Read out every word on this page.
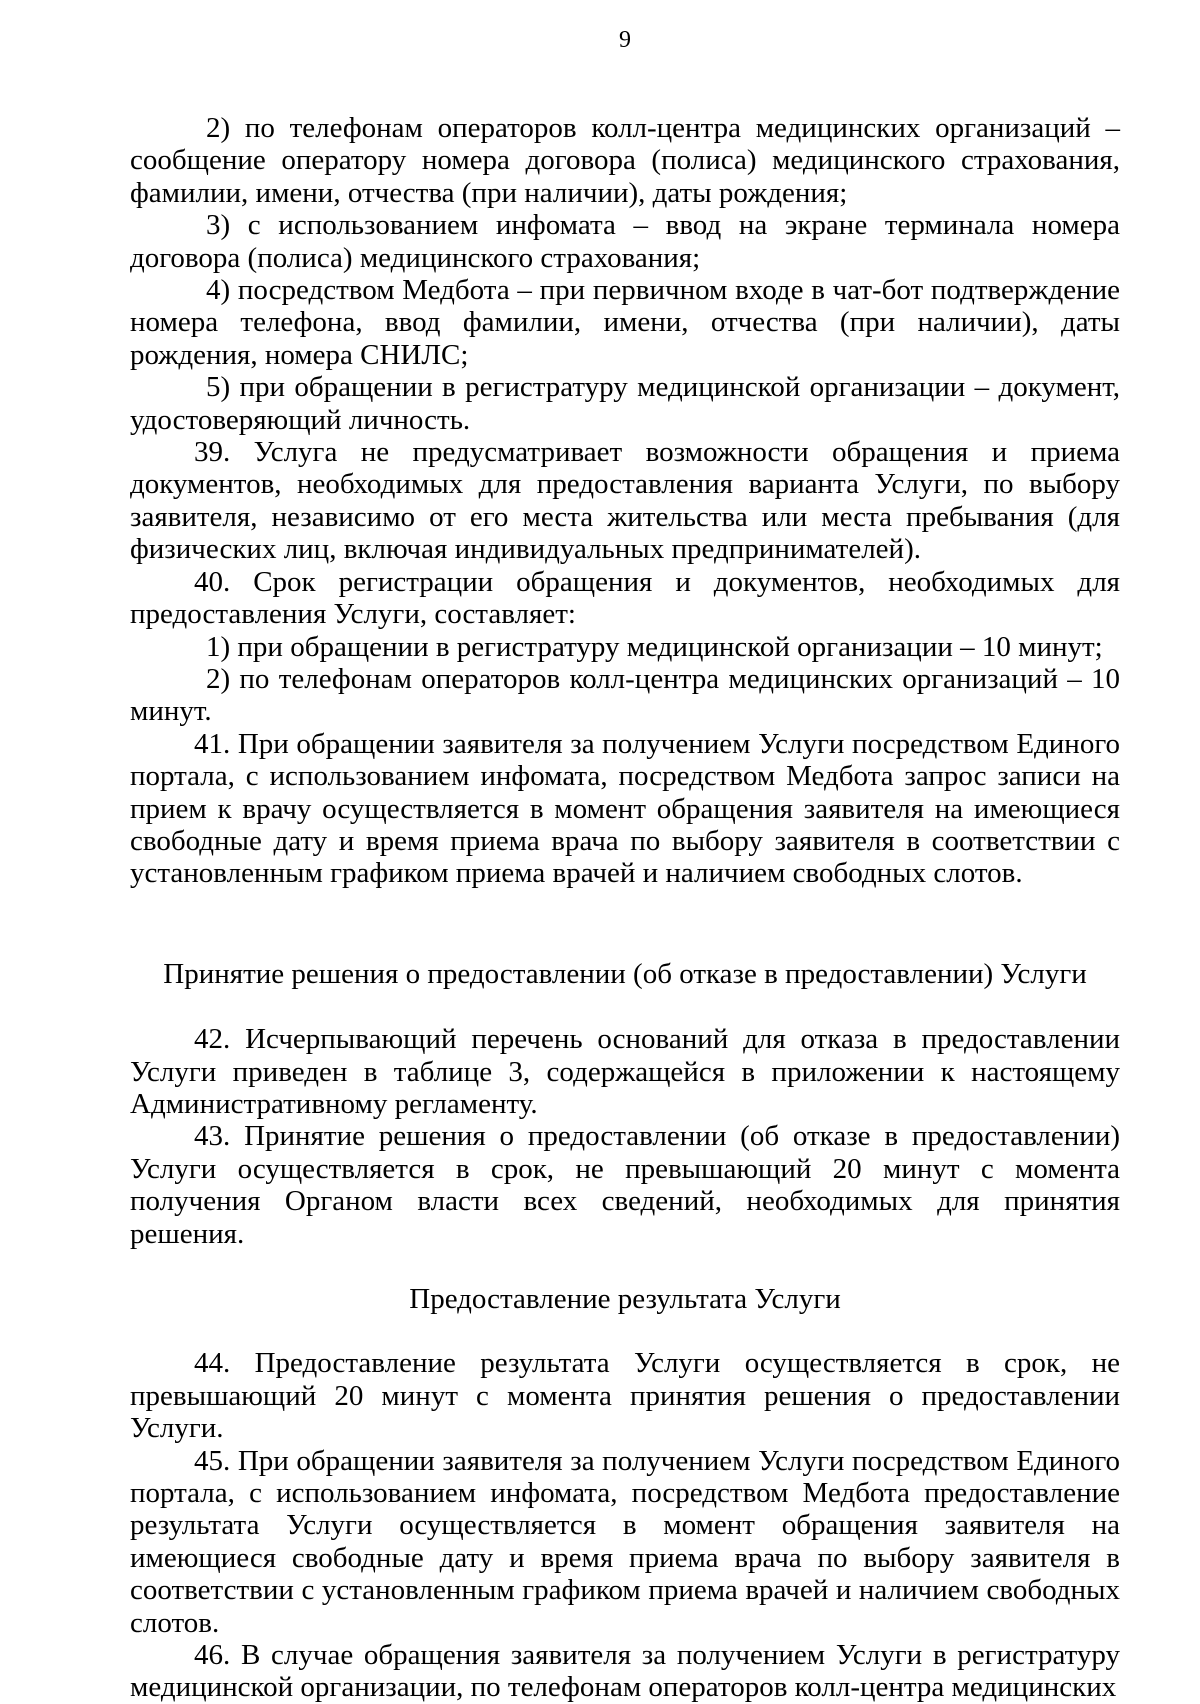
9

2) по телефонам операторов колл-центра медицинских организаций – сообщение оператору номера договора (полиса) медицинского страхования, фамилии, имени, отчества (при наличии), даты рождения;

3) с использованием инфомата – ввод на экране терминала номера договора (полиса) медицинского страхования;

4) посредством Медбота – при первичном входе в чат-бот подтверждение номера телефона, ввод фамилии, имени, отчества (при наличии), даты рождения, номера СНИЛС;

5) при обращении в регистратуру медицинской организации – документ, удостоверяющий личность.

39. Услуга не предусматривает возможности обращения и приема документов, необходимых для предоставления варианта Услуги, по выбору заявителя, независимо от его места жительства или места пребывания (для физических лиц, включая индивидуальных предпринимателей).

40. Срок регистрации обращения и документов, необходимых для предоставления Услуги, составляет:

1) при обращении в регистратуру медицинской организации – 10 минут;

2) по телефонам операторов колл-центра медицинских организаций – 10 минут.

41. При обращении заявителя за получением Услуги посредством Единого портала, с использованием инфомата, посредством Медбота запрос записи на прием к врачу осуществляется в момент обращения заявителя на имеющиеся свободные дату и время приема врача по выбору заявителя в соответствии с установленным графиком приема врачей и наличием свободных слотов.

Принятие решения о предоставлении (об отказе в предоставлении) Услуги

42. Исчерпывающий перечень оснований для отказа в предоставлении Услуги приведен в таблице 3, содержащейся в приложении к настоящему Административному регламенту.

43. Принятие решения о предоставлении (об отказе в предоставлении) Услуги осуществляется в срок, не превышающий 20 минут с момента получения Органом власти всех сведений, необходимых для принятия решения.

Предоставление результата Услуги

44. Предоставление результата Услуги осуществляется в срок, не превышающий 20 минут с момента принятия решения о предоставлении Услуги.

45. При обращении заявителя за получением Услуги посредством Единого портала, с использованием инфомата, посредством Медбота предоставление результата Услуги осуществляется в момент обращения заявителя на имеющиеся свободные дату и время приема врача по выбору заявителя в соответствии с установленным графиком приема врачей и наличием свободных слотов.

46. В случае обращения заявителя за получением Услуги в регистратуру медицинской организации, по телефонам операторов колл-центра медицинских
